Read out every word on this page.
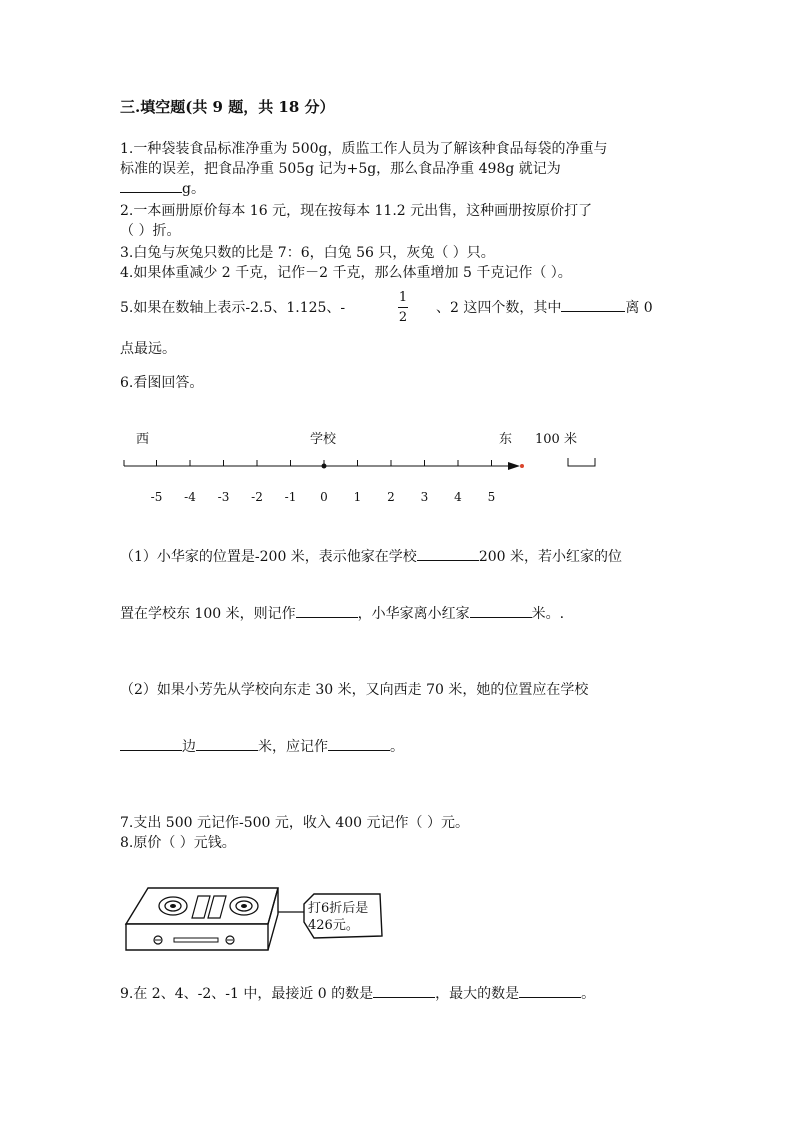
三.填空题(共 9 题，共 18 分）
1.一种袋装食品标准净重为 500g，质监工作人员为了解该种食品每袋的净重与
标准的误差，把食品净重 505g 记为+5g，那么食品净重 498g 就记为
g。
2.一本画册原价每本 16 元，现在按每本 11.2 元出售，这种画册按原价打了
（ ）折。
3.白兔与灰兔只数的比是 7：6，白兔 56 只，灰兔（ ）只。
4.如果体重减少 2 千克，记作－2 千克，那么体重增加 5 千克记作（ ）。
5.如果在数轴上表示-2.5、1.125、-
1
2
、2 这四个数，其中	离 0
点最远。
6.看图回答。
西	学校	东 100 米
-5 -4 -3 -2 -1 0 1 2 3 4 5
（1）小华家的位置是-200 米，表示他家在学校	200 米，若小红家的位
置在学校东 100 米，则记作	，小华家离小红家	米。.
（2）如果小芳先从学校向东走 30 米，又向西走 70 米，她的位置应在学校
边	米，应记作	。
7.支出 500 元记作-500 元，收入 400 元记作（ ）元。
8.原价（ ）元钱。
打6折后是
426元。
9.在 2、4、-2、-1 中，最接近 0 的数是	，最大的数是	。
